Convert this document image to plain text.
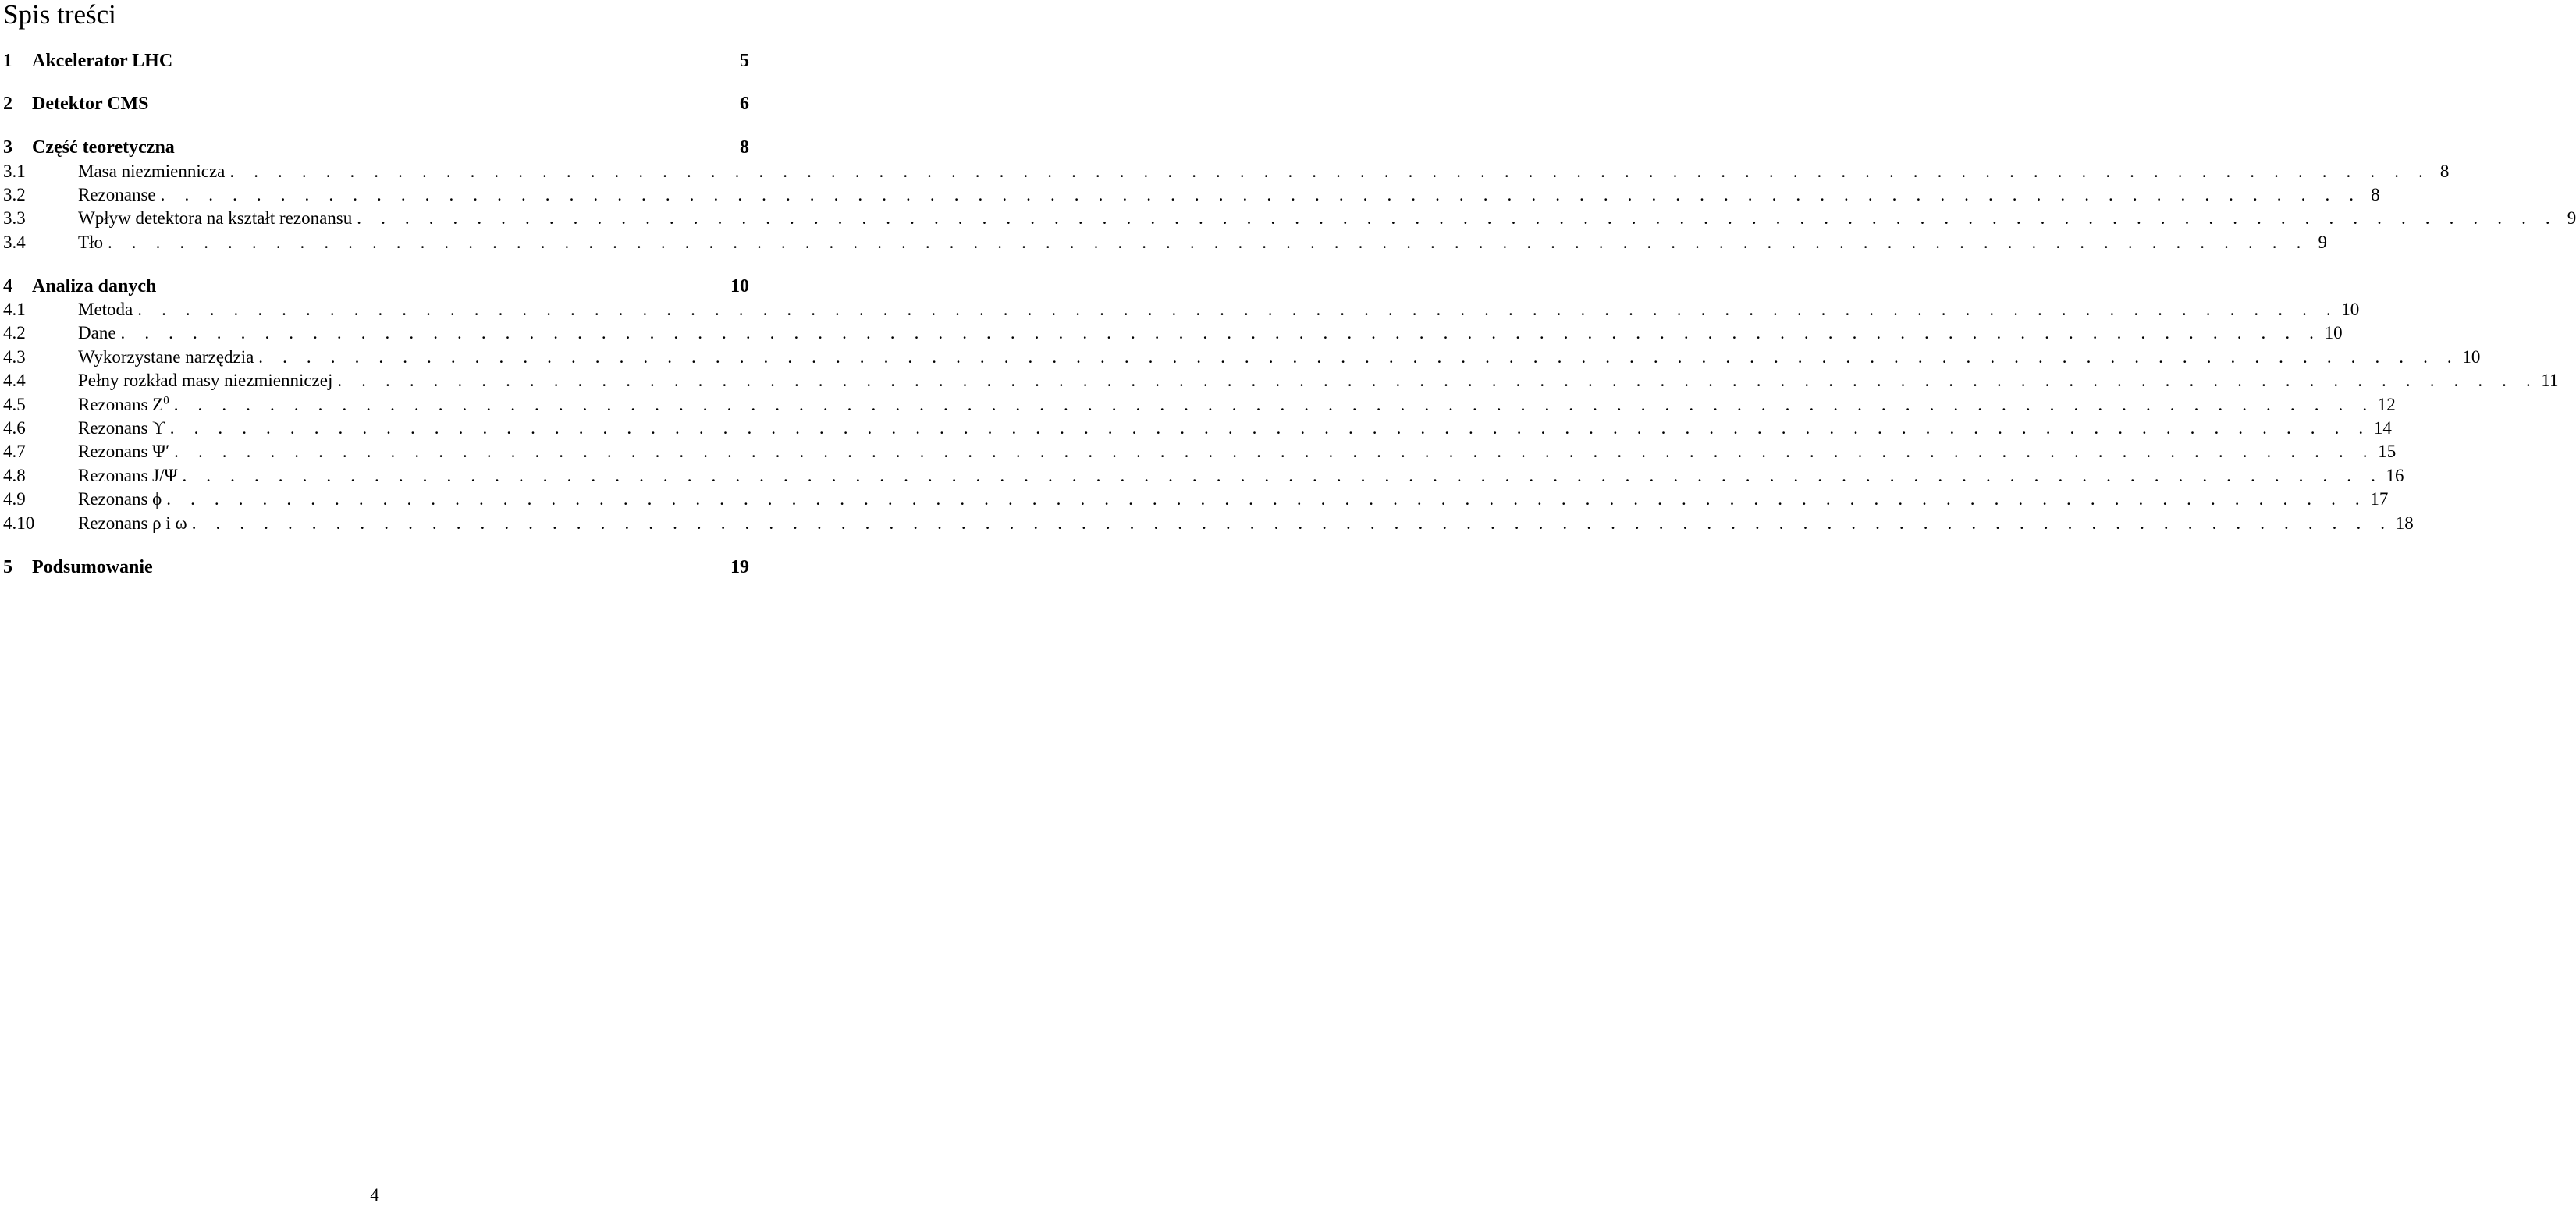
Spis treści
1	Akcelerator LHC	5
2	Detektor CMS	6
3	Część teoretyczna	8
3.1	Masa niezmiennicza . . . . . . . . . . . . . . . . . . . . . . . . . . . . . . . . . . . . . . . . . . . . . . . . . . . . . . . . . . . . . . . . . . . . . . . . . . . . . . . . . . . . . . . . . . . . 8
3.2	Rezonanse . . . . . . . . . . . . . . . . . . . . . . . . . . . . . . . . . . . . . . . . . . . . . . . . . . . . . . . . . . . . . . . . . . . . . . . . . . . . . . . . . . . . . . . . . . . . 8
3.3	Wpływ detektora na kształt rezonansu . . . . . . . . . . . . . . . . . . . . . . . . . . . . . . . . . . . . . . . . . . . . . . . . . . . . . . . . . . . . . . . . . . . . . . . . . . . . . . . . . . . . . . . . . . . . 9
3.4	Tło . . . . . . . . . . . . . . . . . . . . . . . . . . . . . . . . . . . . . . . . . . . . . . . . . . . . . . . . . . . . . . . . . . . . . . . . . . . . . . . . . . . . . . . . . . . . 9
4	Analiza danych	10
4.1	Metoda . . . . . . . . . . . . . . . . . . . . . . . . . . . . . . . . . . . . . . . . . . . . . . . . . . . . . . . . . . . . . . . . . . . . . . . . . . . . . . . . . . . . . . . . . . . . 10
4.2	Dane . . . . . . . . . . . . . . . . . . . . . . . . . . . . . . . . . . . . . . . . . . . . . . . . . . . . . . . . . . . . . . . . . . . . . . . . . . . . . . . . . . . . . . . . . . . . 10
4.3	Wykorzystane narzędzia . . . . . . . . . . . . . . . . . . . . . . . . . . . . . . . . . . . . . . . . . . . . . . . . . . . . . . . . . . . . . . . . . . . . . . . . . . . . . . . . . . . . . . . . . . . . 10
4.4	Pełny rozkład masy niezmienniczej . . . . . . . . . . . . . . . . . . . . . . . . . . . . . . . . . . . . . . . . . . . . . . . . . . . . . . . . . . . . . . . . . . . . . . . . . . . . . . . . . . . . . . . . . . . . 11
4.5	Rezonans $Z^0$ . . . . . . . . . . . . . . . . . . . . . . . . . . . . . . . . . . . . . . . . . . . . . . . . . . . . . . . . . . . . . . . . . . . . . . . . . . . . . . . . . . . . . . . . . . . . 12
4.6	Rezonans ϒ . . . . . . . . . . . . . . . . . . . . . . . . . . . . . . . . . . . . . . . . . . . . . . . . . . . . . . . . . . . . . . . . . . . . . . . . . . . . . . . . . . . . . . . . . . . . 14
4.7	Rezonans Ψ′ . . . . . . . . . . . . . . . . . . . . . . . . . . . . . . . . . . . . . . . . . . . . . . . . . . . . . . . . . . . . . . . . . . . . . . . . . . . . . . . . . . . . . . . . . . . . 15
4.8	Rezonans J/Ψ . . . . . . . . . . . . . . . . . . . . . . . . . . . . . . . . . . . . . . . . . . . . . . . . . . . . . . . . . . . . . . . . . . . . . . . . . . . . . . . . . . . . . . . . . . . . 16
4.9	Rezonans ϕ . . . . . . . . . . . . . . . . . . . . . . . . . . . . . . . . . . . . . . . . . . . . . . . . . . . . . . . . . . . . . . . . . . . . . . . . . . . . . . . . . . . . . . . . . . . . 17
4.10	Rezonans ρ i ω . . . . . . . . . . . . . . . . . . . . . . . . . . . . . . . . . . . . . . . . . . . . . . . . . . . . . . . . . . . . . . . . . . . . . . . . . . . . . . . . . . . . . . . . . . . . 18
5	Podsumowanie	19
4
